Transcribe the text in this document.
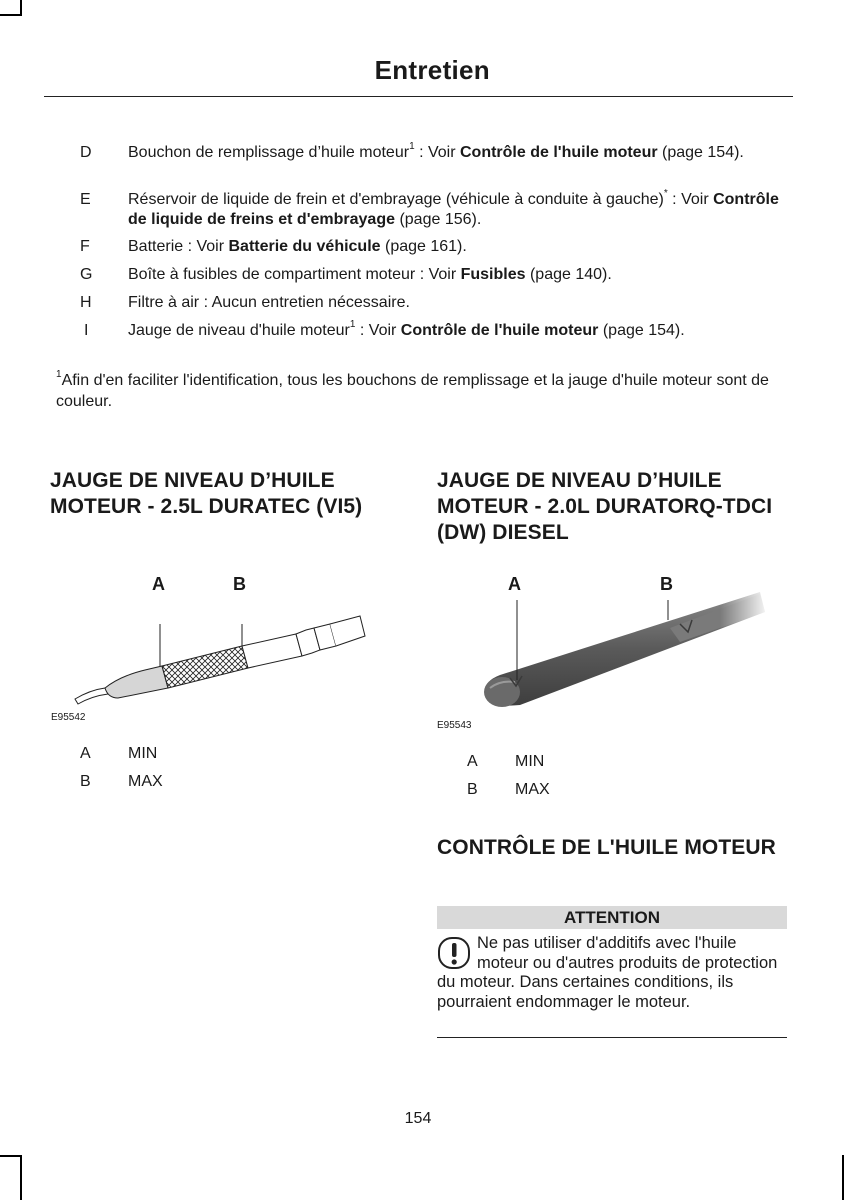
Entretien
D Bouchon de remplissage d’huile moteur$^1$ : Voir Contrôle de l'huile moteur (page 154).
E Réservoir de liquide de frein et d'embrayage (véhicule à conduite à gauche)* : Voir Contrôle de liquide de freins et d'embrayage (page 156).
F Batterie : Voir Batterie du véhicule (page 161).
G Boîte à fusibles de compartiment moteur : Voir Fusibles (page 140).
H Filtre à air : Aucun entretien nécessaire.
I	Jauge de niveau d'huile moteur$^1$ : Voir Contrôle de l'huile moteur (page 154).
$^1$Afin d'en faciliter l'identification, tous les bouchons de remplissage et la jauge d'huile moteur sont de couleur.
JAUGE DE NIVEAU D’HUILE MOTEUR - 2.5L DURATEC (VI5)
A	B
E95542
A MIN
B MAX
JAUGE DE NIVEAU D’HUILE MOTEUR - 2.0L DURATORQ-TDCI (DW) DIESEL
A	B
E95543
A MIN
B MAX
CONTRÔLE DE L'HUILE MOTEUR
ATTENTION
Ne pas utiliser d'additifs avec l'huile moteur ou d'autres produits de protection du moteur. Dans certaines conditions, ils pourraient endommager le moteur.
154
